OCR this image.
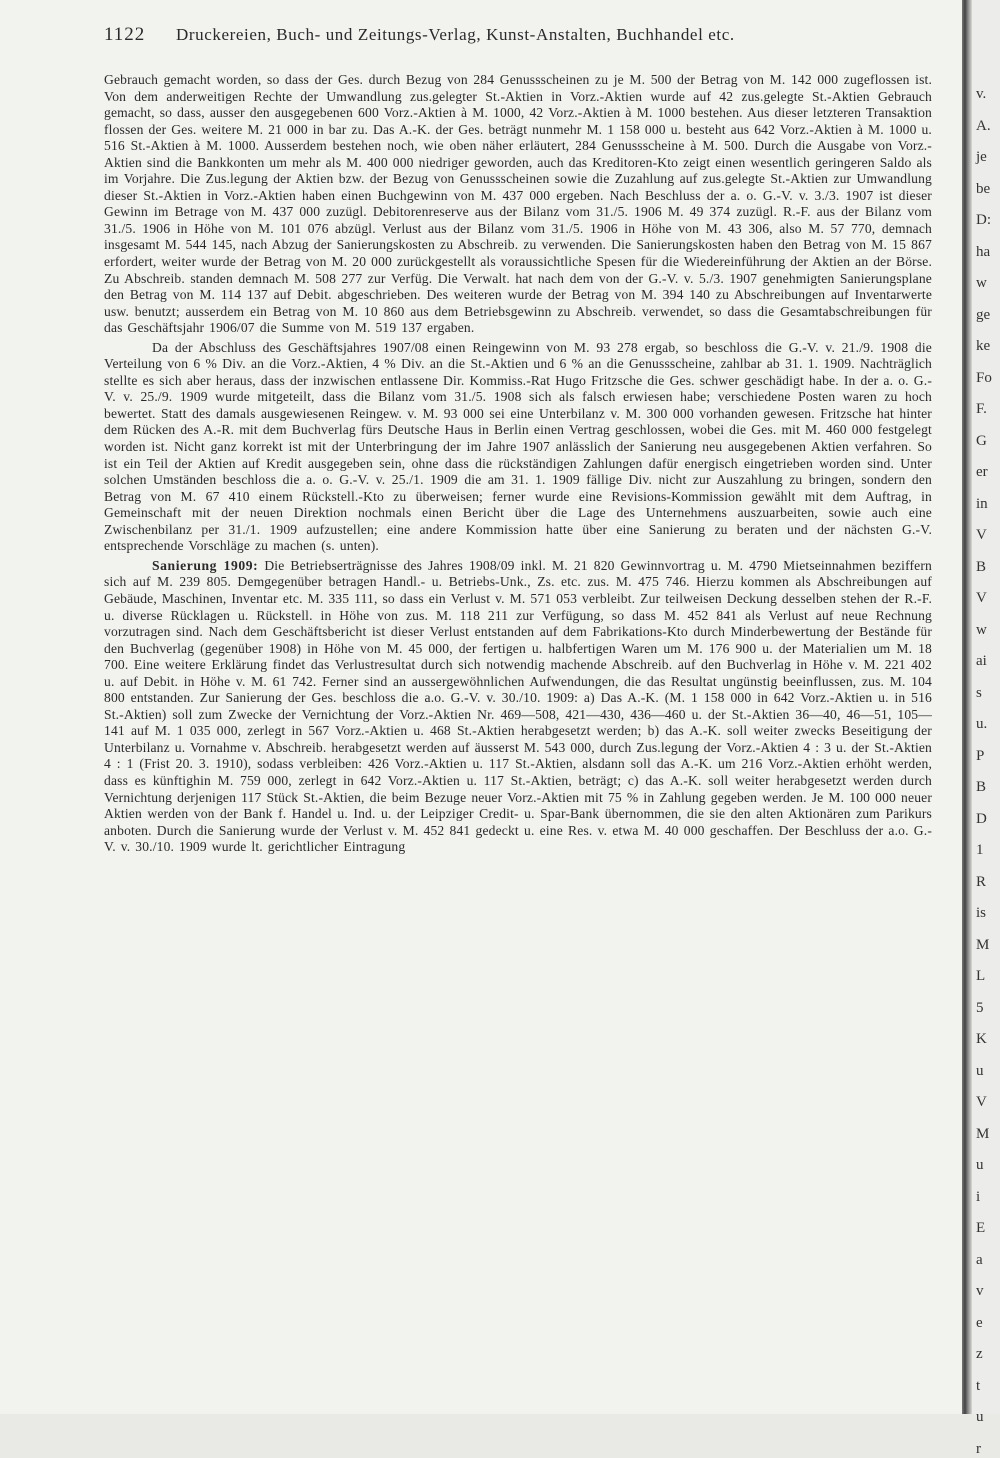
1122 Druckereien, Buch- und Zeitungs-Verlag, Kunst-Anstalten, Buchhandel etc.

Gebrauch gemacht worden, so dass der Ges. durch Bezug von 284 Genussscheinen zu je M. 500 der Betrag von M. 142 000 zugeflossen ist. Von dem anderweitigen Rechte der Umwandlung zus.gelegter St.-Aktien in Vorz.-Aktien wurde auf 42 zus.gelegte St.-Aktien Gebrauch gemacht, so dass, ausser den ausgegebenen 600 Vorz.-Aktien à M. 1000, 42 Vorz.-Aktien à M. 1000 bestehen. Aus dieser letzteren Transaktion flossen der Ges. weitere M. 21 000 in bar zu. Das A.-K. der Ges. beträgt nunmehr M. 1 158 000 u. besteht aus 642 Vorz.-Aktien à M. 1000 u. 516 St.-Aktien à M. 1000. Ausserdem bestehen noch, wie oben näher erläutert, 284 Genussscheine à M. 500. Durch die Ausgabe von Vorz.-Aktien sind die Bankkonten um mehr als M. 400 000 niedriger geworden, auch das Kreditoren-Kto zeigt einen wesentlich geringeren Saldo als im Vorjahre. Die Zus.legung der Aktien bzw. der Bezug von Genussscheinen sowie die Zuzahlung auf zus.gelegte St.-Aktien zur Umwandlung dieser St.-Aktien in Vorz.-Aktien haben einen Buchgewinn von M. 437 000 ergeben. Nach Beschluss der a. o. G.-V. v. 3./3. 1907 ist dieser Gewinn im Betrage von M. 437 000 zuzügl. Debitorenreserve aus der Bilanz vom 31./5. 1906 M. 49 374 zuzügl. R.-F. aus der Bilanz vom 31./5. 1906 in Höhe von M. 101 076 abzügl. Verlust aus der Bilanz vom 31./5. 1906 in Höhe von M. 43 306, also M. 57 770, demnach insgesamt M. 544 145, nach Abzug der Sanierungskosten zu Abschreib. zu verwenden. Die Sanierungskosten haben den Betrag von M. 15 867 erfordert, weiter wurde der Betrag von M. 20 000 zurückgestellt als voraussichtliche Spesen für die Wiedereinführung der Aktien an der Börse. Zu Abschreib. standen demnach M. 508 277 zur Verfüg. Die Verwalt. hat nach dem von der G.-V. v. 5./3. 1907 genehmigten Sanierungsplane den Betrag von M. 114 137 auf Debit. abgeschrieben. Des weiteren wurde der Betrag von M. 394 140 zu Abschreibungen auf Inventarwerte usw. benutzt; ausserdem ein Betrag von M. 10 860 aus dem Betriebsgewinn zu Abschreib. verwendet, so dass die Gesamtabschreibungen für das Geschäftsjahr 1906/07 die Summe von M. 519 137 ergaben.

Da der Abschluss des Geschäftsjahres 1907/08 einen Reingewinn von M. 93 278 ergab, so beschloss die G.-V. v. 21./9. 1908 die Verteilung von 6 % Div. an die Vorz.-Aktien, 4 % Div. an die St.-Aktien und 6 % an die Genussscheine, zahlbar ab 31. 1. 1909. Nachträglich stellte es sich aber heraus, dass der inzwischen entlassene Dir. Kommiss.-Rat Hugo Fritzsche die Ges. schwer geschädigt habe. In der a. o. G.-V. v. 25./9. 1909 wurde mitgeteilt, dass die Bilanz vom 31./5. 1908 sich als falsch erwiesen habe; verschiedene Posten waren zu hoch bewertet. Statt des damals ausgewiesenen Reingew. v. M. 93 000 sei eine Unterbilanz v. M. 300 000 vorhanden gewesen. Fritzsche hat hinter dem Rücken des A.-R. mit dem Buchverlag fürs Deutsche Haus in Berlin einen Vertrag geschlossen, wobei die Ges. mit M. 460 000 festgelegt worden ist. Nicht ganz korrekt ist mit der Unterbringung der im Jahre 1907 anlässlich der Sanierung neu ausgegebenen Aktien verfahren. So ist ein Teil der Aktien auf Kredit ausgegeben sein, ohne dass die rückständigen Zahlungen dafür energisch eingetrieben worden sind. Unter solchen Umständen beschloss die a. o. G.-V. v. 25./1. 1909 die am 31. 1. 1909 fällige Div. nicht zur Auszahlung zu bringen, sondern den Betrag von M. 67 410 einem Rückstell.-Kto zu überweisen; ferner wurde eine Revisions-Kommission gewählt mit dem Auftrag, in Gemeinschaft mit der neuen Direktion nochmals einen Bericht über die Lage des Unternehmens auszuarbeiten, sowie auch eine Zwischenbilanz per 31./1. 1909 aufzustellen; eine andere Kommission hatte über eine Sanierung zu beraten und der nächsten G.-V. entsprechende Vorschläge zu machen (s. unten).

Sanierung 1909: Die Betriebserträgnisse des Jahres 1908/09 inkl. M. 21 820 Gewinnvortrag u. M. 4790 Mietseinnahmen beziffern sich auf M. 239 805. Demgegenüber betragen Handl.- u. Betriebs-Unk., Zs. etc. zus. M. 475 746. Hierzu kommen als Abschreibungen auf Gebäude, Maschinen, Inventar etc. M. 335 111, so dass ein Verlust v. M. 571 053 verbleibt. Zur teilweisen Deckung desselben stehen der R.-F. u. diverse Rücklagen u. Rückstell. in Höhe von zus. M. 118 211 zur Verfügung, so dass M. 452 841 als Verlust auf neue Rechnung vorzutragen sind. Nach dem Geschäftsbericht ist dieser Verlust entstanden auf dem Fabrikations-Kto durch Minderbewertung der Bestände für den Buchverlag (gegenüber 1908) in Höhe von M. 45 000, der fertigen u. halbfertigen Waren um M. 176 900 u. der Materialien um M. 18 700. Eine weitere Erklärung findet das Verlustresultat durch sich notwendig machende Abschreib. auf den Buchverlag in Höhe v. M. 221 402 u. auf Debit. in Höhe v. M. 61 742. Ferner sind an aussergewöhnlichen Aufwendungen, die das Resultat ungünstig beeinflussen, zus. M. 104 800 entstanden. Zur Sanierung der Ges. beschloss die a.o. G.-V. v. 30./10. 1909: a) Das A.-K. (M. 1 158 000 in 642 Vorz.-Aktien u. in 516 St.-Aktien) soll zum Zwecke der Vernichtung der Vorz.-Aktien Nr. 469—508, 421—430, 436—460 u. der St.-Aktien 36—40, 46—51, 105—141 auf M. 1 035 000, zerlegt in 567 Vorz.-Aktien u. 468 St.-Aktien herabgesetzt werden; b) das A.-K. soll weiter zwecks Beseitigung der Unterbilanz u. Vornahme v. Abschreib. herabgesetzt werden auf äusserst M. 543 000, durch Zus.legung der Vorz.-Aktien 4 : 3 u. der St.-Aktien 4 : 1 (Frist 20. 3. 1910), sodass verbleiben: 426 Vorz.-Aktien u. 117 St.-Aktien, alsdann soll das A.-K. um 216 Vorz.-Aktien erhöht werden, dass es künftighin M. 759 000, zerlegt in 642 Vorz.-Aktien u. 117 St.-Aktien, beträgt; c) das A.-K. soll weiter herabgesetzt werden durch Vernichtung derjenigen 117 Stück St.-Aktien, die beim Bezuge neuer Vorz.-Aktien mit 75 % in Zahlung gegeben werden. Je M. 100 000 neuer Aktien werden von der Bank f. Handel u. Ind. u. der Leipziger Credit- u. Spar-Bank übernommen, die sie den alten Aktionären zum Parikurs anboten. Durch die Sanierung wurde der Verlust v. M. 452 841 gedeckt u. eine Res. v. etwa M. 40 000 geschaffen. Der Beschluss der a.o. G.-V. v. 30./10. 1909 wurde lt. gerichtlicher Eintragung

v.
A.
je
be
D:
ha
w
ge
ke
Fo
F.
G
er
in
V
B
V
w
ai
s
u.
P
B
D
1
R
is
M
L
5
K
u
V
M
u
i
E
a
v
e
z
t
u
r
